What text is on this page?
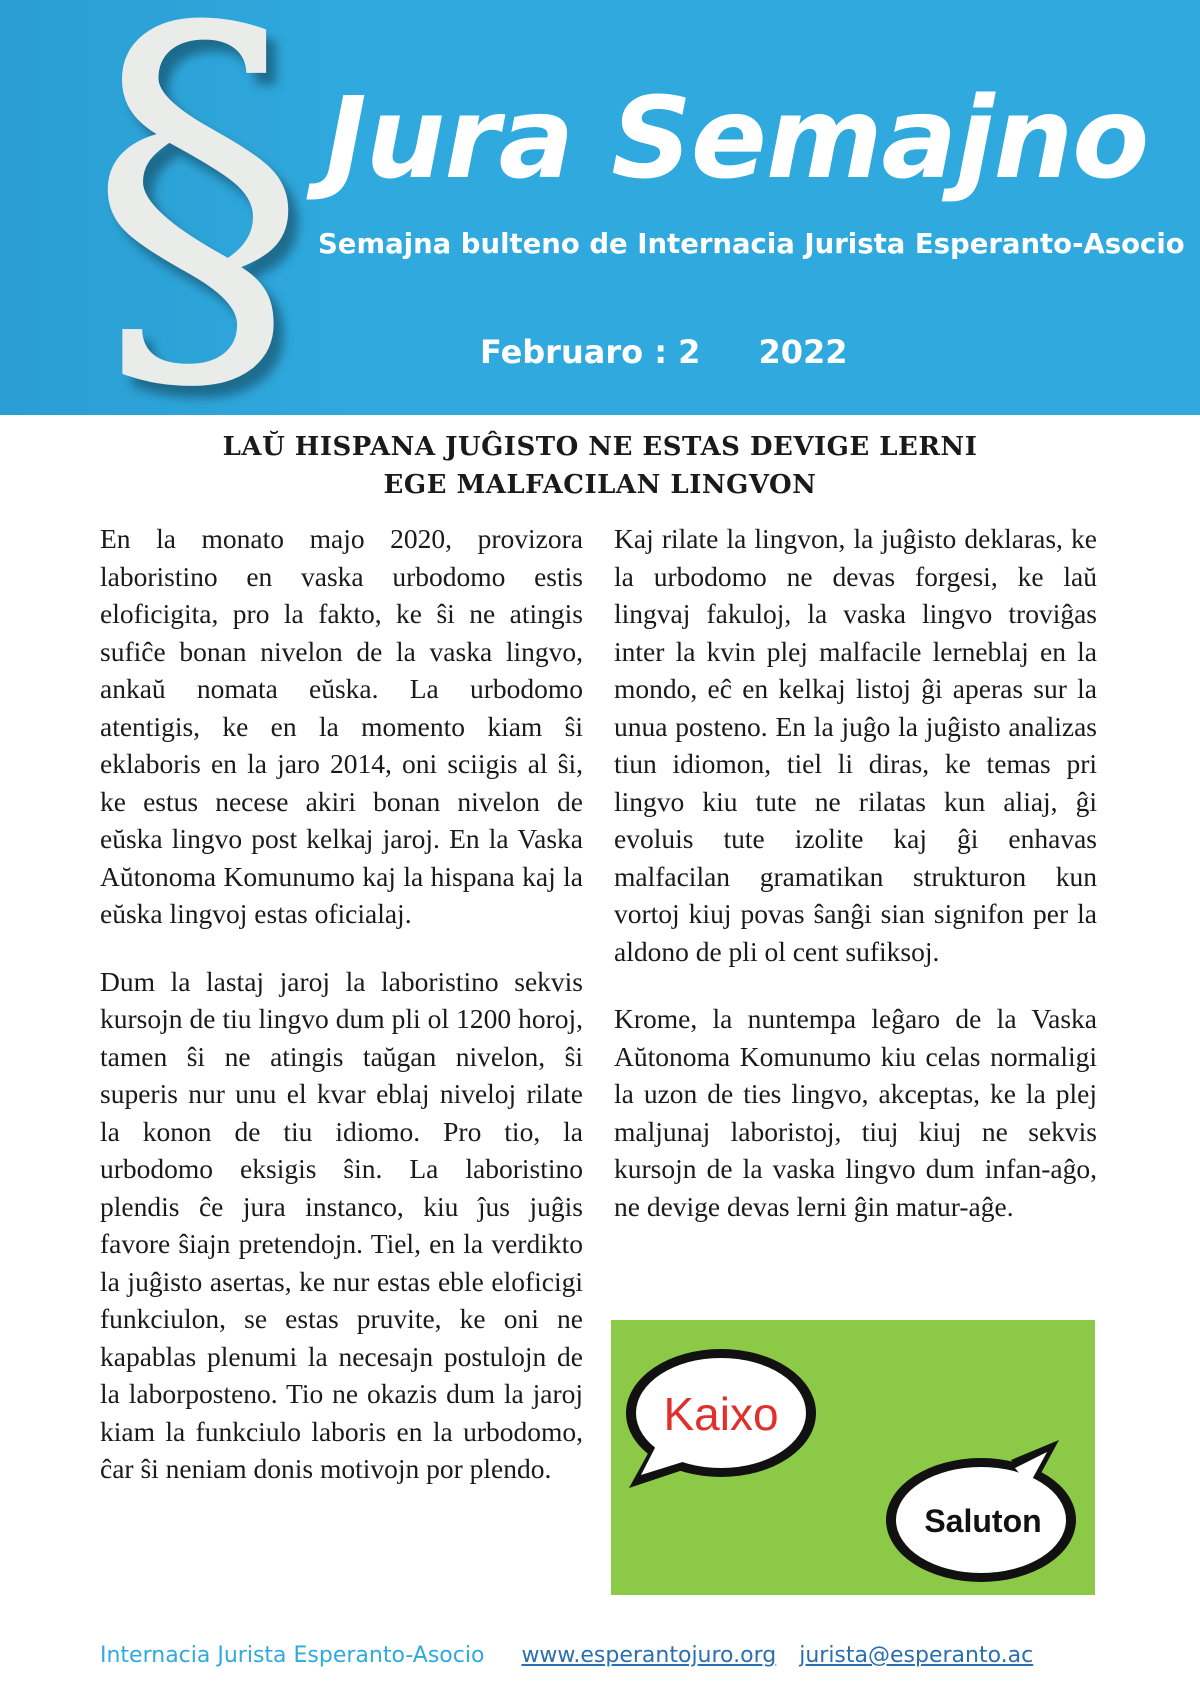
§ Jura Semajno
Semajna bulteno de Internacia Jurista Esperanto-Asocio
Februaro : 2 2022
LAŬ HISPANA JUĜISTO NE ESTAS DEVIGE LERNI
EGE MALFACILAN LINGVON

En la monato majo 2020, provizora laboristino en vaska urbodomo estis eloficigita, pro la fakto, ke ŝi ne atingis sufiĉe bonan nivelon de la vaska lingvo, ankaŭ nomata eŭska. La urbodomo atentigis, ke en la momento kiam ŝi eklaboris en la jaro 2014, oni sciigis al ŝi, ke estus necese akiri bonan nivelon de eŭska lingvo post kelkaj jaroj. En la Vaska Aŭtonoma Komunumo kaj la hispana kaj la eŭska lingvoj estas oficialaj.

Dum la lastaj jaroj la laboristino sekvis kursojn de tiu lingvo dum pli ol 1200 horoj, tamen ŝi ne atingis taŭgan nivelon, ŝi superis nur unu el kvar eblaj niveloj rilate la konon de tiu idiomo. Pro tio, la urbodomo eksigis ŝin. La laboristino plendis ĉe jura instanco, kiu ĵus juĝis favore ŝiajn pretendojn. Tiel, en la verdikto la juĝisto asertas, ke nur estas eble eloficigi funkciulon, se estas pruvite, ke oni ne kapablas plenumi la necesajn postulojn de la laborposteno. Tio ne okazis dum la jaroj kiam la funkciulo laboris en la urbodomo, ĉar ŝi neniam donis motivojn por plendo.

Kaj rilate la lingvon, la juĝisto deklaras, ke la urbodomo ne devas forgesi, ke laŭ lingvaj fakuloj, la vaska lingvo troviĝas inter la kvin plej malfacile lerneblaj en la mondo, eĉ en kelkaj listoj ĝi aperas sur la unua posteno. En la juĝo la juĝisto analizas tiun idiomon, tiel li diras, ke temas pri lingvo kiu tute ne rilatas kun aliaj, ĝi evoluis tute izolite kaj ĝi enhavas malfacilan gramatikan strukturon kun vortoj kiuj povas ŝanĝi sian signifon per la aldono de pli ol cent sufiksoj.

Krome, la nuntempa leĝaro de la Vaska Aŭtonoma Komunumo kiu celas normaligi la uzon de ties lingvo, akceptas, ke la plej maljunaj laboristoj, tiuj kiuj ne sekvis kursojn de la vaska lingvo dum infan-aĝo, ne devige devas lerni ĝin matur-aĝe.

Kaixo
Saluton
Internacia Jurista Esperanto-Asocio www.esperantojuro.org jurista@esperanto.ac
